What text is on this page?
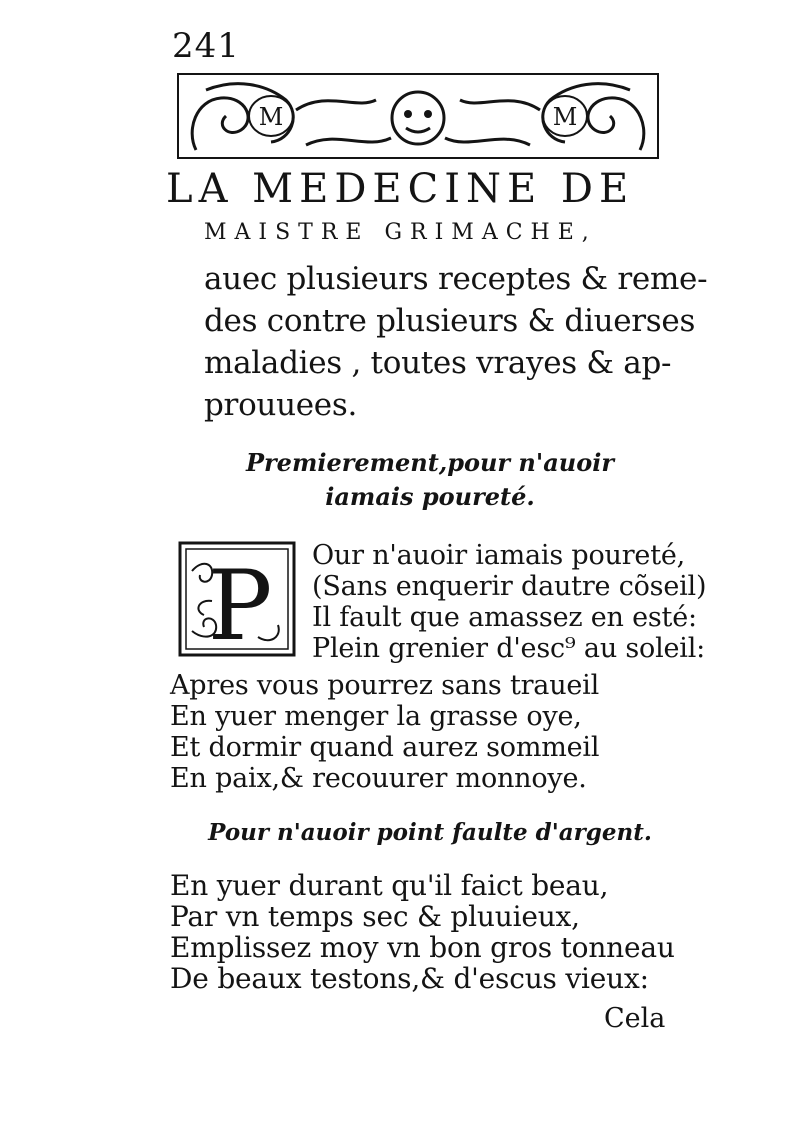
241
M	M
LA MEDECINE DE
MAISTRE GRIMACHE,
auec plusieurs receptes & reme-
des contre plusieurs & diuerses
maladies , toutes vrayes & ap-
prouuees.
Premierement,pour n'auoir
iamais poureté.
P Our n'auoir iamais poureté,
(Sans enquerir dautre cõseil)
Il fault que amassez en esté:
Plein grenier d'esc⁹ au soleil:
Apres vous pourrez sans traueil
En yuer menger la grasse oye,
Et dormir quand aurez sommeil
En paix,& recouurer monnoye.
Pour n'auoir point faulte d'argent.
En yuer durant qu'il faict beau,
Par vn temps sec & pluuieux,
Emplissez moy vn bon gros tonneau
De beaux testons,& d'escus vieux:
Cela
